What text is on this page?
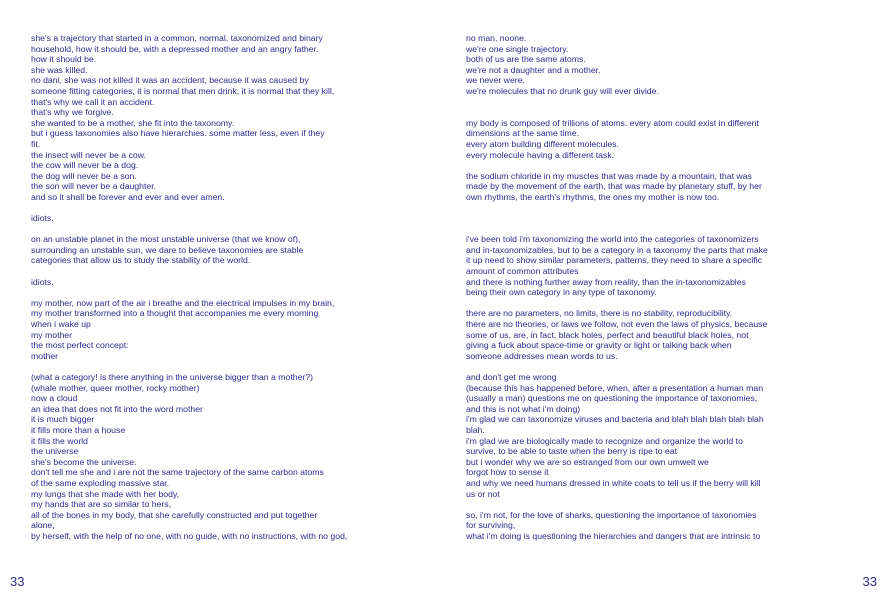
she's a trajectory that started in a common, normal, taxonomized and binary
household, how it should be, with a depressed mother and an angry father.
how it should be.
she was killed.
no dani, she was not killed it was an accident, because it was caused by
someone fitting categories, it is normal that men drink, it is normal that they kill,
that's why we call it an accident.
that's why we forgive.
she wanted to be a mother, she fit into the taxonomy.
but i guess taxonomies also have hierarchies. some matter less, even if they
fit.
the insect will never be a cow.
the cow will never be a dog.
the dog will never be a son.
the son will never be a daughter.
and so it shall be forever and ever and ever amen.
idiots.
on an unstable planet in the most unstable universe (that we know of),
surrounding an unstable sun, we dare to believe taxonomies are stable
categories that allow us to study the stability of the world.
idiots.
my mother, now part of the air i breathe and the electrical impulses in my brain,
my mother transformed into a thought that accompanies me every morning
when i wake up
my mother
the most perfect concept:
mother
(what a category! is there anything in the universe bigger than a mother?)
(whale mother, queer mother, rocky mother)
now a cloud
an idea that does not fit into the word mother
it is much bigger
it fills more than a house
it fills the world
the universe
she's become the universe.
don't tell me she and i are not the same trajectory of the same carbon atoms
of the same exploding massive star.
my lungs that she made with her body,
my hands that are so similar to hers,
all of the bones in my body, that she carefully constructed and put together
alone,
by herself, with the help of no one, with no guide, with no instructions, with no god,
33
no man, noone.
we're one single trajectory.
both of us are the same atoms.
we're not a daughter and a mother.
we never were.
we're molecules that no drunk guy will ever divide.
my body is composed of trillions of atoms. every atom could exist in different
dimensions at the same time.
every atom building different molecules.
every molecule having a different task.
the sodium chloride in my muscles that was made by a mountain, that was
made by the movement of the earth, that was made by planetary stuff, by her
own rhythms, the earth's rhythms, the ones my mother is now too.
i've been told i'm taxonomizing the world into the categories of taxonomizers
and in-taxonomizables, but to be a category in a taxonomy the parts that make
it up need to show similar parameters, patterns, they need to share a specific
amount of common attributes
and there is nothing further away from reality, than the in-taxonomizables
being their own category in any type of taxonomy.
there are no parameters, no limits, there is no stability, reproducibility.
there are no theories, or laws we follow, not even the laws of physics, because
some of us, are, in fact, black holes, perfect and beautiful black holes, not
giving a fuck about space-time or gravity or light or talking back when
someone addresses mean words to us.
and don't get me wrong
(because this has happened before, when, after a presentation a human man
(usually a man) questions me on questioning the importance of taxonomies,
and this is not what i'm doing)
i'm glad we can taxonomize viruses and bacteria and blah blah blah blah blah
blah.
i'm glad we are biologically made to recognize and organize the world to
survive, to be able to taste when the berry is ripe to eat
but i wonder why we are so estranged from our own umwelt we
forgot how to sense it
and why we need humans dressed in white coats to tell us if the berry will kill
us or not
so, i'm not, for the love of sharks, questioning the importance of taxonomies
for surviving,
what i'm doing is questioning the hierarchies and dangers that are intrinsic to
33
